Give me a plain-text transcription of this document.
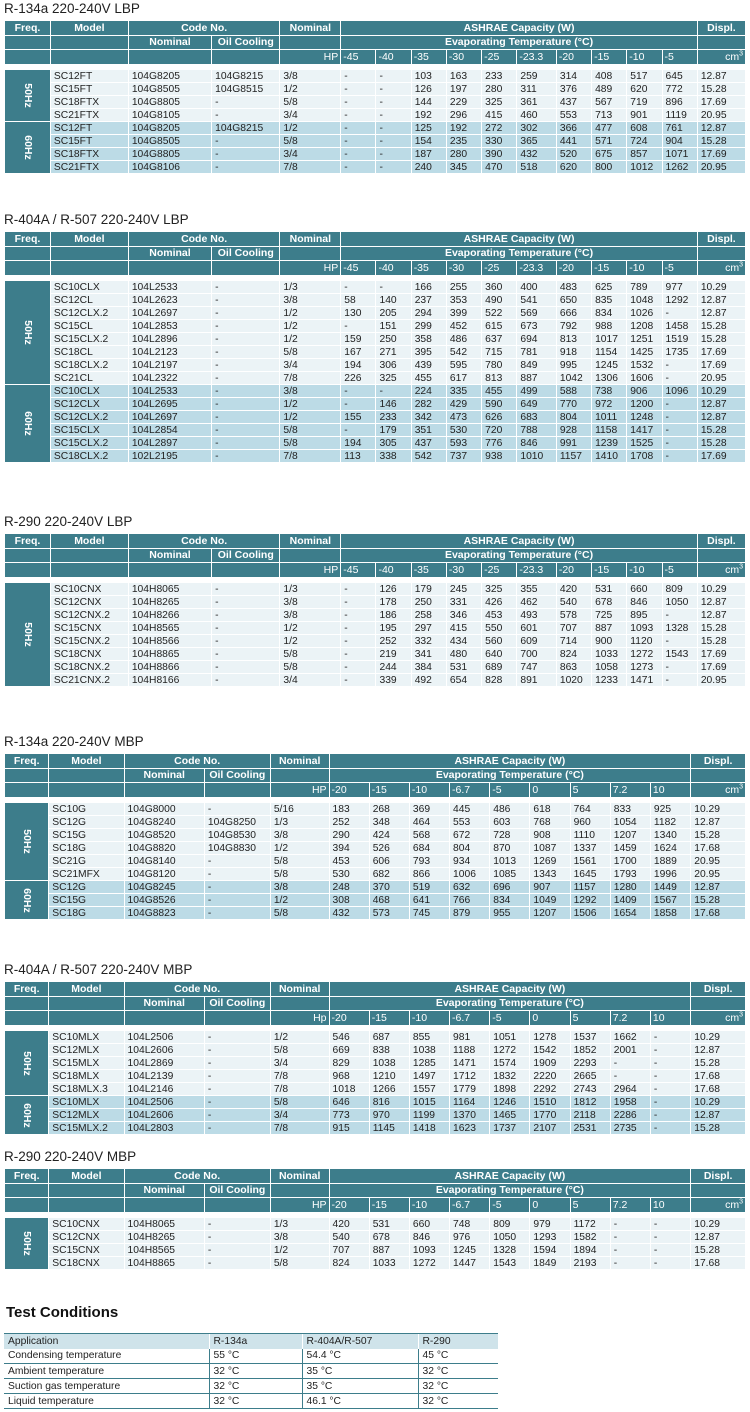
R-134a 220-240V LBP
Freq.	Model	Code No.		Nominal	ASHRAE Capacity (W)										Displ.
		Nominal	Oil Cooling		Evaporating Temperature (°C)										
				HP	-45	-40	-35	-30	-25	-23.3	-20	-15	-10	-5	$cm^3$

50Hz	SC12FT	104G8205	104G8215	3/8	-	-	103	163	233	259	314	408	517	645	12.87
	SC15FT	104G8505	104G8515	1/2	-	-	126	197	280	311	376	489	620	772	15.28
	SC18FTX	104G8805	-	5/8	-	-	144	229	325	361	437	567	719	896	17.69
	SC21FTX	104G8105	-	3/4	-	-	192	296	415	460	553	713	901	1119	20.95
60Hz	SC12FT	104G8205	104G8215	1/2	-	-	125	192	272	302	366	477	608	761	12.87
	SC15FT	104G8505	-	5/8	-	-	154	235	330	365	441	571	724	904	15.28
	SC18FTX	104G8805	-	3/4	-	-	187	280	390	432	520	675	857	1071	17.69
	SC21FTX	104G8106	-	7/8	-	-	240	345	470	518	620	800	1012	1262	20.95
R-404A / R-507 220-240V LBP
Freq.	Model	Code No.		Nominal	ASHRAE Capacity (W)										Displ.
		Nominal	Oil Cooling		Evaporating Temperature (°C)										
				HP	-45	-40	-35	-30	-25	-23.3	-20	-15	-10	-5	$cm^3$

50Hz	SC10CLX	104L2533	-	1/3	-	-	166	255	360	400	483	625	789	977	10.29
	SC12CL	104L2623	-	3/8	58	140	237	353	490	541	650	835	1048	1292	12.87
	SC12CLX.2	104L2697	-	1/2	130	205	294	399	522	569	666	834	1026	-	12.87
	SC15CL	104L2853	-	1/2	-	151	299	452	615	673	792	988	1208	1458	15.28
	SC15CLX.2	104L2896	-	1/2	159	250	358	486	637	694	813	1017	1251	1519	15.28
	SC18CL	104L2123	-	5/8	167	271	395	542	715	781	918	1154	1425	1735	17.69
	SC18CLX.2	104L2197	-	3/4	194	306	439	595	780	849	995	1245	1532	-	17.69
	SC21CL	104L2322	-	7/8	226	325	455	617	813	887	1042	1306	1606	-	20.95
60Hz	SC10CLX	104L2533	-	3/8	-	-	224	335	455	499	588	738	906	1096	10.29
	SC12CLX	104L2695	-	1/2	-	146	282	429	590	649	770	972	1200	-	12.87
	SC12CLX.2	104L2697	-	1/2	155	233	342	473	626	683	804	1011	1248	-	12.87
	SC15CLX	104L2854	-	5/8	-	179	351	530	720	788	928	1158	1417	-	15.28
	SC15CLX.2	104L2897	-	5/8	194	305	437	593	776	846	991	1239	1525	-	15.28
	SC18CLX.2	102L2195	-	7/8	113	338	542	737	938	1010	1157	1410	1708	-	17.69
R-290 220-240V LBP
Freq.	Model	Code No.		Nominal	ASHRAE Capacity (W)										Displ.
		Nominal	Oil Cooling		Evaporating Temperature (°C)										
				HP	-45	-40	-35	-30	-25	-23.3	-20	-15	-10	-5	$cm^3$

50Hz	SC10CNX	104H8065	-	1/3	-	126	179	245	325	355	420	531	660	809	10.29
	SC12CNX	104H8265	-	3/8	-	178	250	331	426	462	540	678	846	1050	12.87
	SC12CNX.2	104H8266	-	3/8	-	186	258	346	453	493	578	725	895	-	12.87
	SC15CNX	104H8565	-	1/2	-	195	297	415	550	601	707	887	1093	1328	15.28
	SC15CNX.2	104H8566	-	1/2	-	252	332	434	560	609	714	900	1120	-	15.28
	SC18CNX	104H8865	-	5/8	-	219	341	480	640	700	824	1033	1272	1543	17.69
	SC18CNX.2	104H8866	-	5/8	-	244	384	531	689	747	863	1058	1273	-	17.69
	SC21CNX.2	104H8166	-	3/4	-	339	492	654	828	891	1020	1233	1471	-	20.95
R-134a 220-240V MBP
Freq.	Model	Code No.		Nominal	ASHRAE Capacity (W)									Displ.
		Nominal	Oil Cooling		Evaporating Temperature (°C)									
				HP	-20	-15	-10	-6.7	-5	0	5	7.2	10	$cm^3$

50Hz	SC10G	104G8000	-	5/16	183	268	369	445	486	618	764	833	925	10.29
	SC12G	104G8240	104G8250	1/3	252	348	464	553	603	768	960	1054	1182	12.87
	SC15G	104G8520	104G8530	3/8	290	424	568	672	728	908	1110	1207	1340	15.28
	SC18G	104G8820	104G8830	1/2	394	526	684	804	870	1087	1337	1459	1624	17.68
	SC21G	104G8140	-	5/8	453	606	793	934	1013	1269	1561	1700	1889	20.95
	SC21MFX	104G8120	-	5/8	530	682	866	1006	1085	1343	1645	1793	1996	20.95
60Hz	SC12G	104G8245	-	3/8	248	370	519	632	696	907	1157	1280	1449	12.87
	SC15G	104G8526	-	1/2	308	468	641	766	834	1049	1292	1409	1567	15.28
	SC18G	104G8823	-	5/8	432	573	745	879	955	1207	1506	1654	1858	17.68
R-404A / R-507 220-240V MBP
Freq.	Model	Code No.		Nominal	ASHRAE Capacity (W)									Displ.
		Nominal	Oil Cooling		Evaporating Temperature (°C)									
				Hp	-20	-15	-10	-6.7	-5	0	5	7.2	10	$cm^3$

50Hz	SC10MLX	104L2506	-	1/2	546	687	855	981	1051	1278	1537	1662	-	10.29
	SC12MLX	104L2606	-	5/8	669	838	1038	1188	1272	1542	1852	2001	-	12.87
	SC15MLX	104L2869	-	3/4	829	1038	1285	1471	1574	1909	2293	-	-	15.28
	SC18MLX	104L2139	-	7/8	968	1210	1497	1712	1832	2220	2665	-	-	17.68
	SC18MLX.3	104L2146	-	7/8	1018	1266	1557	1779	1898	2292	2743	2964	-	17.68
60Hz	SC10MLX	104L2506	-	5/8	646	816	1015	1164	1246	1510	1812	1958	-	10.29
	SC12MLX	104L2606	-	3/4	773	970	1199	1370	1465	1770	2118	2286	-	12.87
	SC15MLX.2	104L2803	-	7/8	915	1145	1418	1623	1737	2107	2531	2735	-	15.28
R-290 220-240V MBP
Freq.	Model	Code No.		Nominal	ASHRAE Capacity (W)									Displ.
		Nominal	Oil Cooling		Evaporating Temperature (°C)									
				HP	-20	-15	-10	-6.7	-5	0	5	7.2	10	$cm^3$

50Hz	SC10CNX	104H8065	-	1/3	420	531	660	748	809	979	1172	-	-	10.29
	SC12CNX	104H8265	-	3/8	540	678	846	976	1050	1293	1582	-	-	12.87
	SC15CNX	104H8565	-	1/2	707	887	1093	1245	1328	1594	1894	-	-	15.28
	SC18CNX	104H8865	-	5/8	824	1033	1272	1447	1543	1849	2193	-	-	17.68
Test Conditions
Application	R-134a	R-404A/R-507	R-290
Condensing temperature	55 °C	54.4 °C	45 °C
Ambient temperature	32 °C	35 °C	32 °C
Suction gas temperature	32 °C	35 °C	32 °C
Liquid temperature	32 °C	46.1 °C	32 °C
